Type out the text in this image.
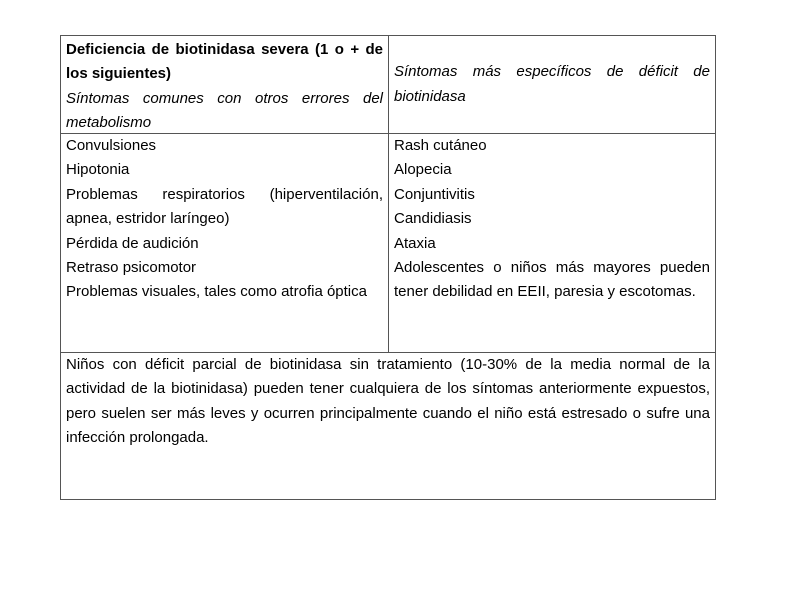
Deficiencia de biotinidasa severa (1 o + de los siguientes)
Síntomas comunes con otros errores del metabolismo
Síntomas más específicos de déficit de biotinidasa
Convulsiones
Hipotonia
Problemas respiratorios (hiperventilación, apnea, estridor laríngeo)
Pérdida de audición
Retraso psicomotor
Problemas visuales, tales como atrofia óptica
Rash cutáneo
Alopecia
Conjuntivitis
Candidiasis
Ataxia
Adolescentes o niños más mayores pueden tener debilidad en EEII, paresia y escotomas.
Niños con déficit parcial de biotinidasa sin tratamiento (10-30% de la media normal de la actividad de la biotinidasa) pueden tener cualquiera de los síntomas anteriormente expuestos, pero suelen ser más leves y ocurren principalmente cuando el niño está estresado o sufre una infección prolongada.
